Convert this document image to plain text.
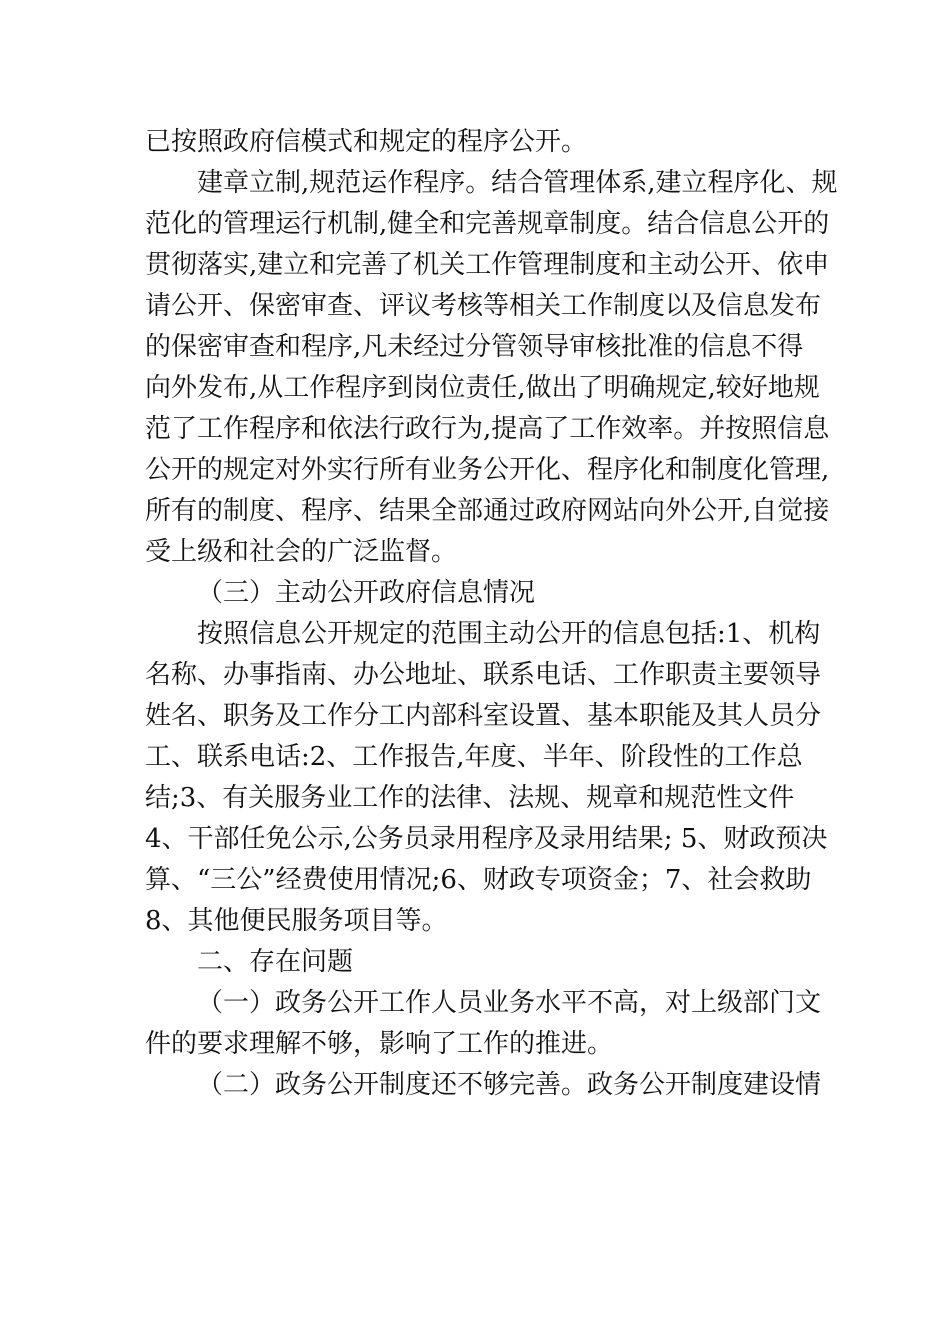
已按照政府信模式和规定的程序公开。
建章立制,规范运作程序。结合管理体系,建立程序化、规
范化的管理运行机制,健全和完善规章制度。结合信息公开的
贯彻落实,建立和完善了机关工作管理制度和主动公开、依申
请公开、保密审查、评议考核等相关工作制度以及信息发布
的保密审查和程序,凡未经过分管领导审核批准的信息不得
向外发布,从工作程序到岗位责任,做出了明确规定,较好地规
范了工作程序和依法行政行为,提高了工作效率。并按照信息
公开的规定对外实行所有业务公开化、程序化和制度化管理,
所有的制度、程序、结果全部通过政府网站向外公开,自觉接
受上级和社会的广泛监督。
（三）主动公开政府信息情况
按照信息公开规定的范围主动公开的信息包括:1、机构
名称、办事指南、办公地址、联系电话、工作职责主要领导
姓名、职务及工作分工内部科室设置、基本职能及其人员分
工、联系电话:2、工作报告,年度、半年、阶段性的工作总
结;3、有关服务业工作的法律、法规、规章和规范性文件
4、干部任免公示,公务员录用程序及录用结果; 5、财政预决
算、“三公”经费使用情况;6、财政专项资金；7、社会救助
8、其他便民服务项目等。
二、存在问题
（一）政务公开工作人员业务水平不高，对上级部门文
件的要求理解不够，影响了工作的推进。
（二）政务公开制度还不够完善。政务公开制度建设情
